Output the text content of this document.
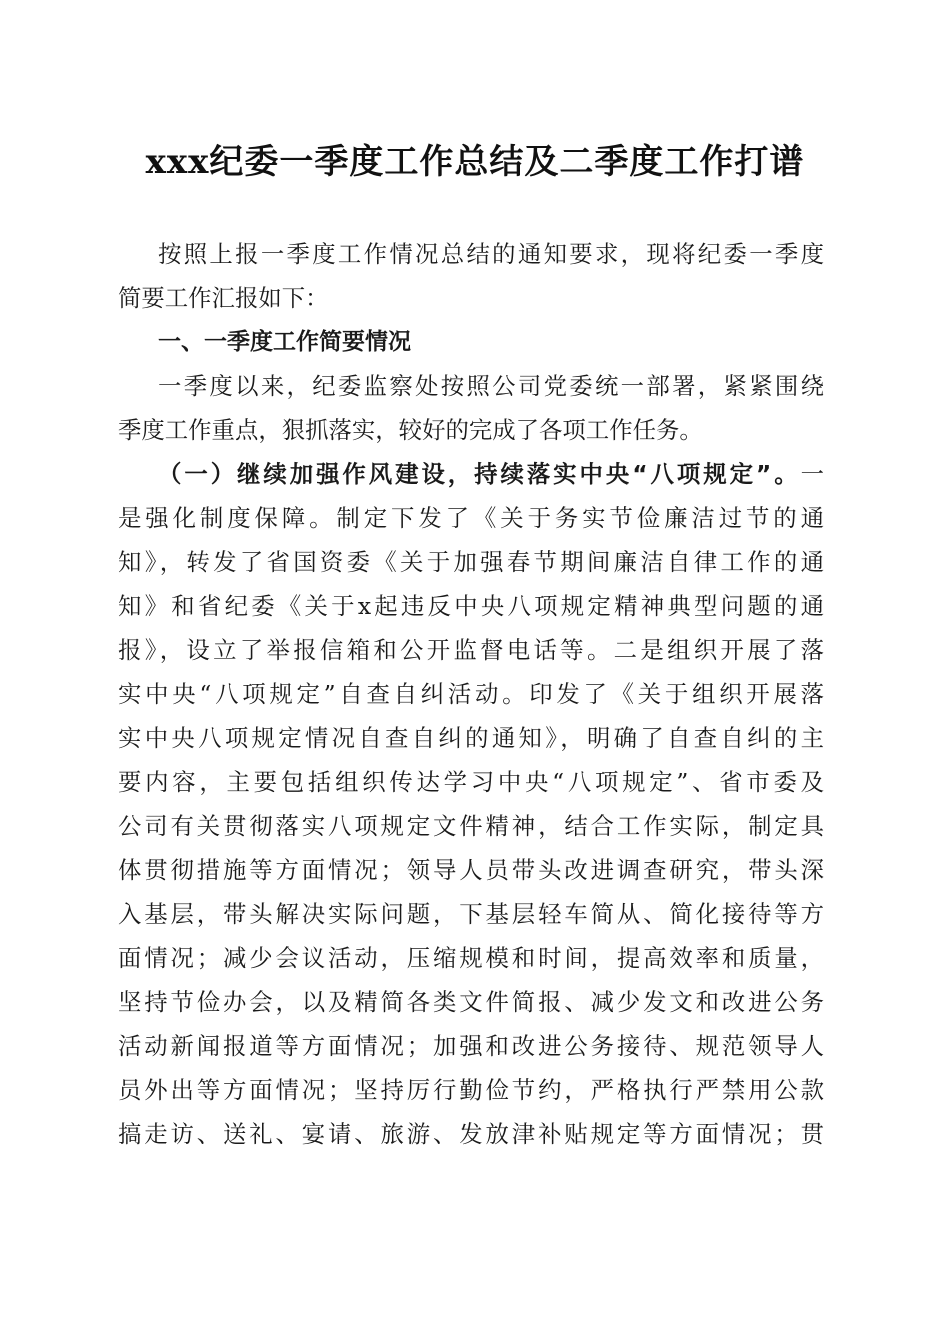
xxx纪委一季度工作总结及二季度工作打谱
按照上报一季度工作情况总结的通知要求，现将纪委一季度
简要工作汇报如下：
一、一季度工作简要情况
一季度以来，纪委监察处按照公司党委统一部署，紧紧围绕
季度工作重点，狠抓落实，较好的完成了各项工作任务。
（一）继续加强作风建设，持续落实中央“八项规定”。一
是强化制度保障。制定下发了《关于务实节俭廉洁过节的通
知》，转发了省国资委《关于加强春节期间廉洁自律工作的通
知》和省纪委《关于x起违反中央八项规定精神典型问题的通
报》，设立了举报信箱和公开监督电话等。二是组织开展了落
实中央“八项规定”自查自纠活动。印发了《关于组织开展落
实中央八项规定情况自查自纠的通知》，明确了自查自纠的主
要内容，主要包括组织传达学习中央“八项规定”、省市委及
公司有关贯彻落实八项规定文件精神，结合工作实际，制定具
体贯彻措施等方面情况；领导人员带头改进调查研究，带头深
入基层，带头解决实际问题，下基层轻车简从、简化接待等方
面情况；减少会议活动，压缩规模和时间，提高效率和质量，
坚持节俭办会，以及精简各类文件简报、减少发文和改进公务
活动新闻报道等方面情况；加强和改进公务接待、规范领导人
员外出等方面情况；坚持厉行勤俭节约，严格执行严禁用公款
搞走访、送礼、宴请、旅游、发放津补贴规定等方面情况；贯
